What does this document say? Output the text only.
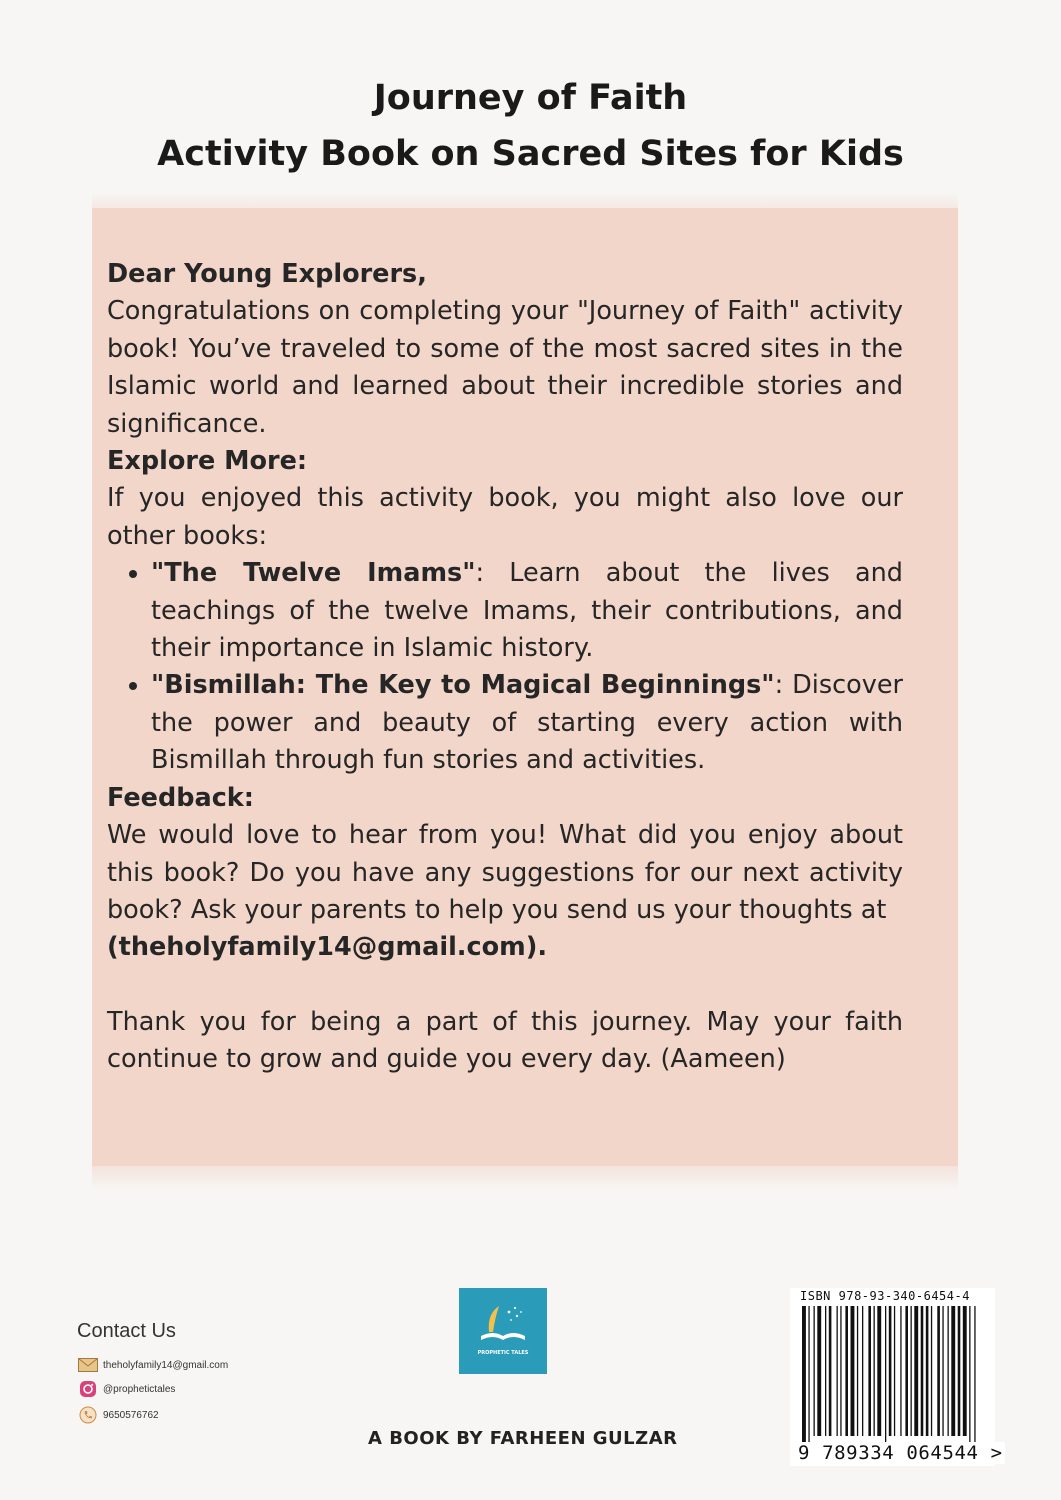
Journey of Faith
Activity Book on Sacred Sites for Kids

Dear Young Explorers,

Congratulations on completing your "Journey of Faith" activity book! You’ve traveled to some of the most sacred sites in the Islamic world and learned about their incredible stories and significance.

Explore More:

If you enjoyed this activity book, you might also love our other books:

• "The Twelve Imams": Learn about the lives and teachings of the twelve Imams, their contributions, and their importance in Islamic history.
• "Bismillah: The Key to Magical Beginnings": Discover the power and beauty of starting every action with Bismillah through fun stories and activities.

Feedback:

We would love to hear from you! What did you enjoy about this book? Do you have any suggestions for our next activity book? Ask your parents to help you send us your thoughts at

(theholyfamily14@gmail.com).

Thank you for being a part of this journey. May your faith continue to grow and guide you every day. (Aameen)

Contact Us
theholyfamily14@gmail.com
@prophetictales
9650576762
PROPHETIC TALES
A BOOK BY FARHEEN GULZAR
ISBN 978-93-340-6454-4
9 789334 064544 >
